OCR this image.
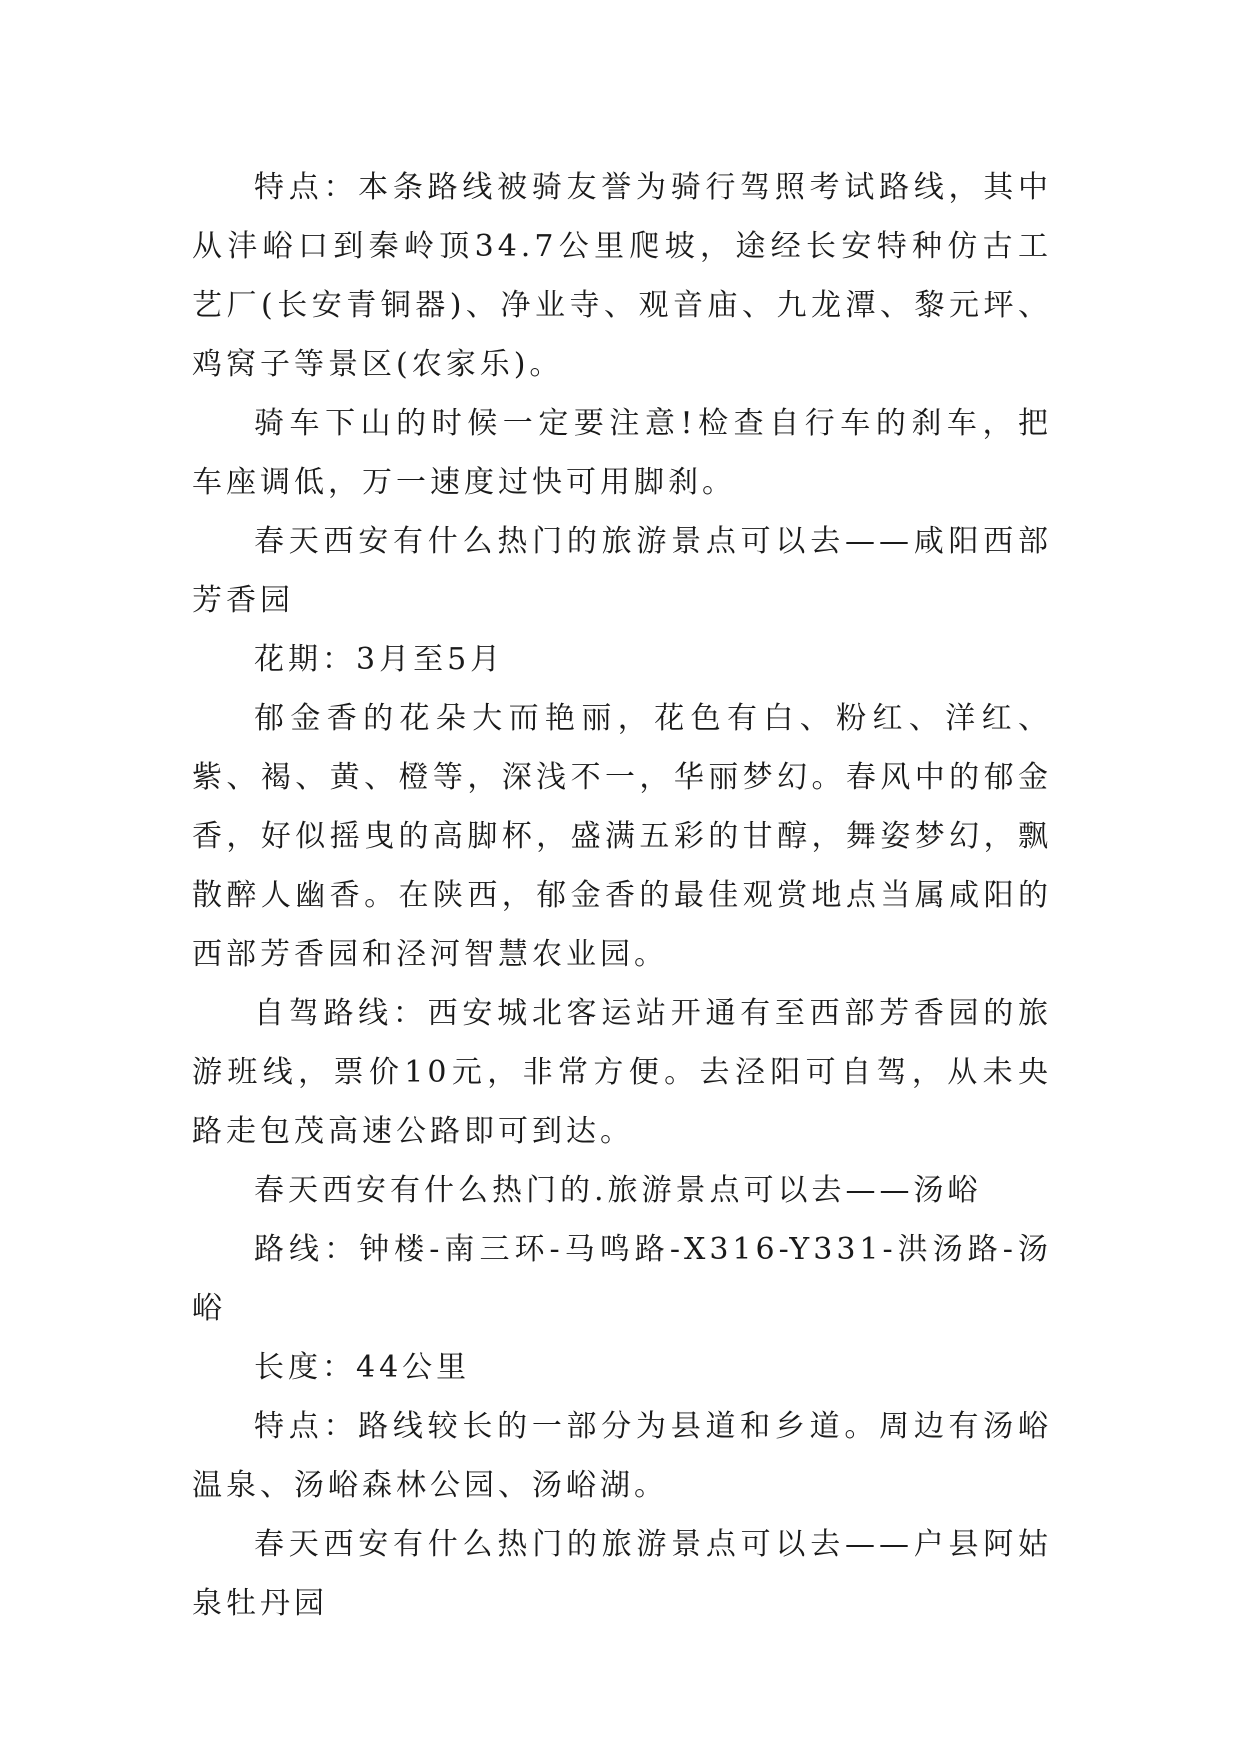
特点：本条路线被骑友誉为骑行驾照考试路线，其中从沣峪口到秦岭顶34.7公里爬坡，途经长安特种仿古工艺厂(长安青铜器)、净业寺、观音庙、九龙潭、黎元坪、鸡窝子等景区(农家乐)。

骑车下山的时候一定要注意!检查自行车的刹车，把车座调低，万一速度过快可用脚刹。

春天西安有什么热门的旅游景点可以去——咸阳西部芳香园

花期：3月至5月

郁金香的花朵大而艳丽，花色有白、粉红、洋红、紫、褐、黄、橙等，深浅不一，华丽梦幻。春风中的郁金香，好似摇曳的高脚杯，盛满五彩的甘醇，舞姿梦幻，飘散醉人幽香。在陕西，郁金香的最佳观赏地点当属咸阳的西部芳香园和泾河智慧农业园。

自驾路线：西安城北客运站开通有至西部芳香园的旅游班线，票价10元，非常方便。去泾阳可自驾，从未央路走包茂高速公路即可到达。

春天西安有什么热门的.旅游景点可以去——汤峪

路线：钟楼-南三环-马鸣路-X316-Y331-洪汤路-汤峪

长度：44公里

特点：路线较长的一部分为县道和乡道。周边有汤峪温泉、汤峪森林公园、汤峪湖。

春天西安有什么热门的旅游景点可以去——户县阿姑泉牡丹园
